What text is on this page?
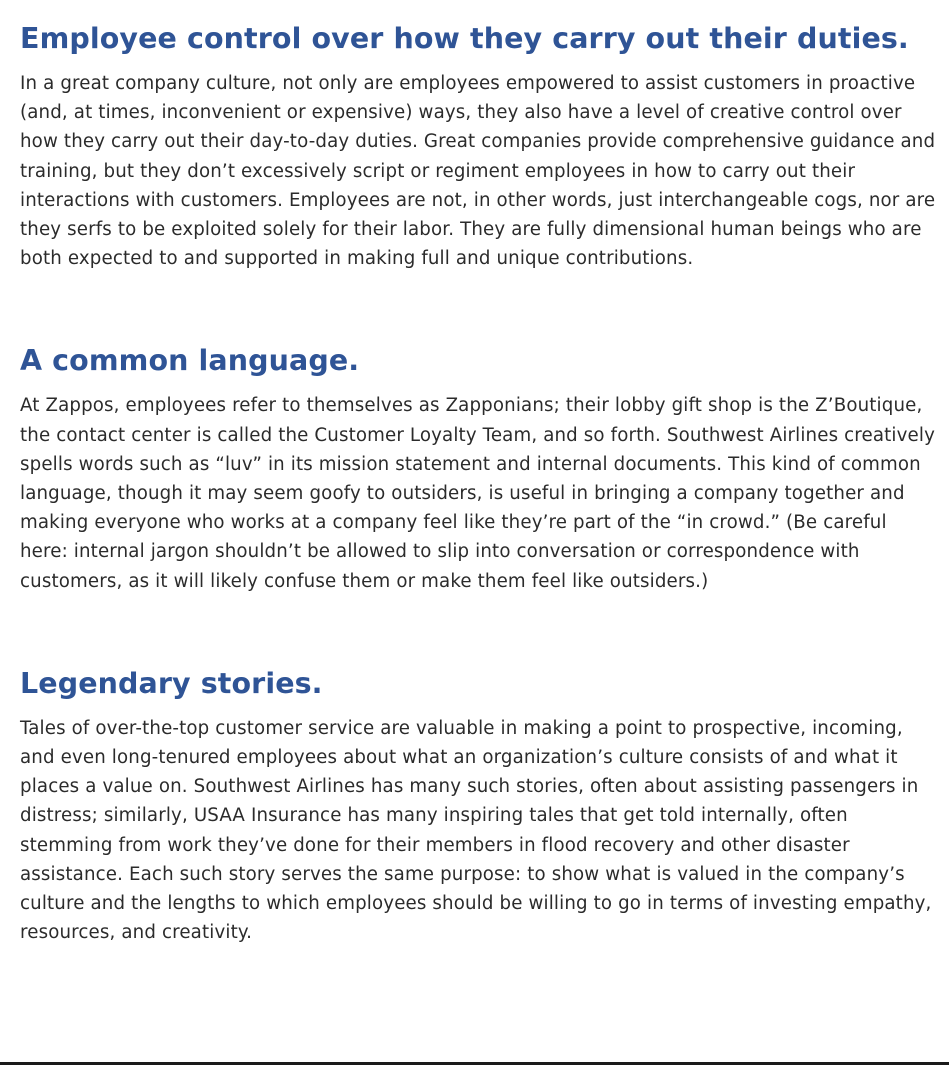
Employee control over how they carry out their duties.

In a great company culture, not only are employees empowered to assist customers in proactive (and, at times, inconvenient or expensive) ways, they also have a level of creative control over how they carry out their day-to-day duties. Great companies provide comprehensive guidance and training, but they don’t excessively script or regiment employees in how to carry out their interactions with customers. Employees are not, in other words, just interchangeable cogs, nor are they serfs to be exploited solely for their labor. They are fully dimensional human beings who are both expected to and supported in making full and unique contributions.

A common language.

At Zappos, employees refer to themselves as Zapponians; their lobby gift shop is the Z’Boutique, the contact center is called the Customer Loyalty Team, and so forth. Southwest Airlines creatively spells words such as “luv” in its mission statement and internal documents. This kind of common language, though it may seem goofy to outsiders, is useful in bringing a company together and making everyone who works at a company feel like they’re part of the “in crowd.” (Be careful here: internal jargon shouldn’t be allowed to slip into conversation or correspondence with customers, as it will likely confuse them or make them feel like outsiders.)

Legendary stories.

Tales of over-the-top customer service are valuable in making a point to prospective, incoming, and even long-tenured employees about what an organization’s culture consists of and what it places a value on. Southwest Airlines has many such stories, often about assisting passengers in distress; similarly, USAA Insurance has many inspiring tales that get told internally, often stemming from work they’ve done for their members in flood recovery and other disaster assistance. Each such story serves the same purpose: to show what is valued in the company’s culture and the lengths to which employees should be willing to go in terms of investing empathy, resources, and creativity.
